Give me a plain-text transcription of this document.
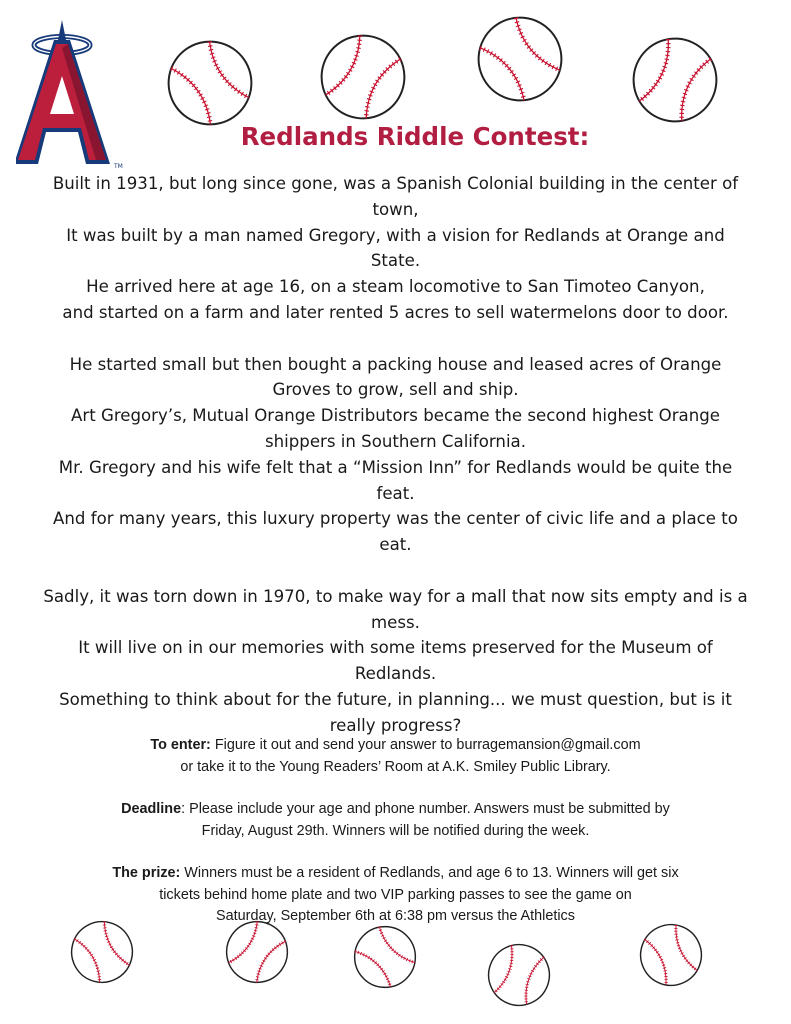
TM
Redlands Riddle Contest:

Built in 1931, but long since gone, was a Spanish Colonial building in the center of

town,

It was built by a man named Gregory, with a vision for Redlands at Orange and

State.

He arrived here at age 16, on a steam locomotive to San Timoteo Canyon,

and started on a farm and later rented 5 acres to sell watermelons door to door.

He started small but then bought a packing house and leased acres of Orange

Groves to grow, sell and ship.

Art Gregory’s, Mutual Orange Distributors became the second highest Orange

shippers in Southern California.

Mr. Gregory and his wife felt that a “Mission Inn” for Redlands would be quite the

feat.

And for many years, this luxury property was the center of civic life and a place to

eat.

Sadly, it was torn down in 1970, to make way for a mall that now sits empty and is a

mess.

It will live on in our memories with some items preserved for the Museum of

Redlands.

Something to think about for the future, in planning... we must question, but is it

really progress?

To enter: Figure it out and send your answer to burragemansion@gmail.com
or take it to the Young Readers’ Room at A.K. Smiley Public Library.

Deadline: Please include your age and phone number. Answers must be submitted by
Friday, August 29th. Winners will be notified during the week.

The prize: Winners must be a resident of Redlands, and age 6 to 13. Winners will get six
tickets behind home plate and two VIP parking passes to see the game on
Saturday, September 6th at 6:38 pm versus the Athletics
